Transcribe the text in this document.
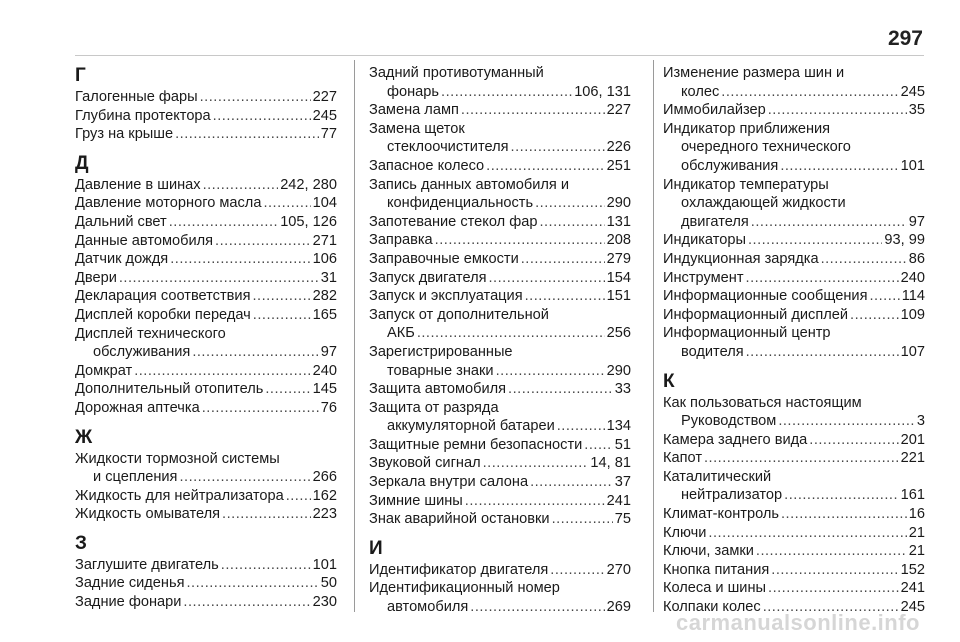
297
Г
Галогенные фары .....	227
Глубина протектора .....	245
Груз на крыше .....	77
Д
Давление в шинах .....	242, 280
Давление моторного масла .....	104
Дальний свет .....	105, 126
Данные автомобиля .....	271
Датчик дождя .....	106
Двери .....	31
Декларация соответствия .....	282
Дисплей коробки передач .....	165
Дисплей технического
обслуживания .....	97
Домкрат .....	240
Дополнительный отопитель .....	145
Дорожная аптечка .....	76
Ж
Жидкости тормозной системы
и сцепления .....	266
Жидкость для нейтрализатора ..... 162
Жидкость омывателя .....	223
З
Заглушите двигатель .....	101
Задние сиденья .....	50
Задние фонари .....	230
Задний противотуманный
фонарь .....	106, 131
Замена ламп .....	227
Замена щеток
стеклоочистителя .....	226
Запасное колесо .....	251
Запись данных автомобиля и
конфиденциальность .....	290
Запотевание стекол фар .....	131
Заправка .....	208
Заправочные емкости .....	279
Запуск двигателя .....	154
Запуск и эксплуатация .....	151
Запуск от дополнительной
АКБ .....	256
Зарегистрированные
товарные знаки .....	290
Защита автомобиля .....	33
Защита от разряда
аккумуляторной батареи .....	134
Защитные ремни безопасности ..... 51
Звуковой сигнал .....	14, 81
Зеркала внутри салона .....	37
Зимние шины .....	241
Знак аварийной остановки .....	75
И
Идентификатор двигателя .....	270
Идентификационный номер
автомобиля .....	269
Изменение размера шин и
колес .....	245
Иммобилайзер .....	35
Индикатор приближения
очередного технического
обслуживания .....	101
Индикатор температуры
охлаждающей жидкости
двигателя .....	97
Индикаторы .....	93, 99
Индукционная зарядка .....	86
Инструмент .....	240
Информационные сообщения ..... 114
Информационный дисплей .....	109
Информационный центр
водителя .....	107
К
Как пользоваться настоящим
Руководством .....	3
Камера заднего вида .....	201
Капот .....	221
Каталитический
нейтрализатор .....	161
Климат-контроль .....	16
Ключи .....	21
Ключи, замки .....	21
Кнопка питания .....	152
Колеса и шины .....	241
Колпаки колес .....	245
carmanualsonline.info
